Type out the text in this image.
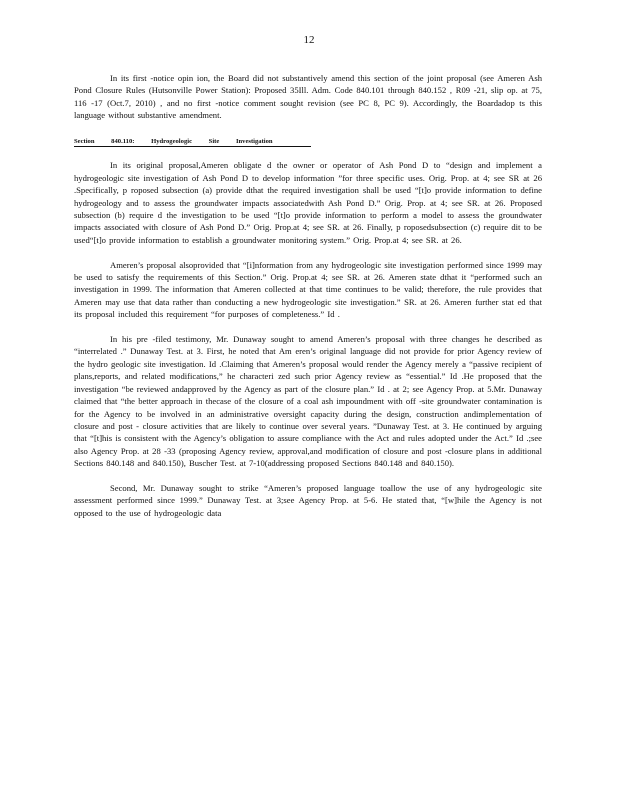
12

In its first -notice opin ion, the Board did not substantively amend this section of the joint proposal (see Ameren Ash Pond Closure Rules (Hutsonville Power Station): Proposed 35Ill. Adm. Code 840.101 through 840.152 , R09 -21, slip op. at 75, 116 -17 (Oct.7, 2010) , and no first -notice comment sought revision (see PC 8, PC 9). Accordingly, the Boardadop ts this language without substantive amendment.

Section	840.110:	Hydrogeologic	Site	Investigation

In its original proposal,Ameren obligate d the owner or operator of Ash Pond D to “design and implement a hydrogeologic site investigation of Ash Pond D to develop information ”for three specific uses. Orig. Prop. at 4; see SR at 26 .Specifically, p roposed subsection (a) provide dthat the required investigation shall be used “[t]o provide information to define hydrogeology and to assess the groundwater impacts associatedwith Ash Pond D.” Orig. Prop. at 4; see SR. at 26. Proposed subsection (b) require d the investigation to be used “[t]o provide information to perform a model to assess the groundwater impacts associated with closure of Ash Pond D.” Orig. Prop.at 4; see SR. at 26. Finally, p roposedsubsection (c) require dit to be used“[t]o provide information to establish a groundwater monitoring system.” Orig. Prop.at 4; see SR. at 26.

Ameren’s proposal alsoprovided that “[i]nformation from any hydrogeologic site investigation performed since 1999 may be used to satisfy the requirements of this Section.” Orig. Prop.at 4; see SR. at 26. Ameren state dthat it “performed such an investigation in 1999. The information that Ameren collected at that time continues to be valid; therefore, the rule provides that Ameren may use that data rather than conducting a new hydrogeologic site investigation.” SR. at 26. Ameren further stat ed that its proposal included this requirement “for purposes of completeness.” Id .

In his pre -filed testimony, Mr. Dunaway sought to amend Ameren’s proposal with three changes he described as “interrelated .” Dunaway Test. at 3. First, he noted that Am eren’s original language did not provide for prior Agency review of the hydro geologic site investigation. Id .Claiming that Ameren’s proposal would render the Agency merely a “passive recipient of plans,reports, and related modifications,” he characteri zed such prior Agency review as “essential.” Id .He proposed that the investigation “be reviewed andapproved by the Agency as part of the closure plan.” Id . at 2; see Agency Prop. at 5.Mr. Dunaway claimed that “the better approach in thecase of the closure of a coal ash impoundment with off -site groundwater contamination is for the Agency to be involved in an administrative oversight capacity during the design, construction andimplementation of closure and post - closure activities that are likely to continue over several years. ”Dunaway Test. at 3. He continued by arguing that “[t]his is consistent with the Agency’s obligation to assure compliance with the Act and rules adopted under the Act.” Id .;see also Agency Prop. at 28 -33 (proposing Agency review, approval,and modification of closure and post -closure plans in additional Sections 840.148 and 840.150), Buscher Test. at 7-10(addressing proposed Sections 840.148 and 840.150).

Second, Mr. Dunaway sought to strike “Ameren’s proposed language toallow the use of any hydrogeologic site assessment performed since 1999.” Dunaway Test. at 3;see Agency Prop. at 5-6. He stated that, “[w]hile the Agency is not opposed to the use of hydrogeologic data
